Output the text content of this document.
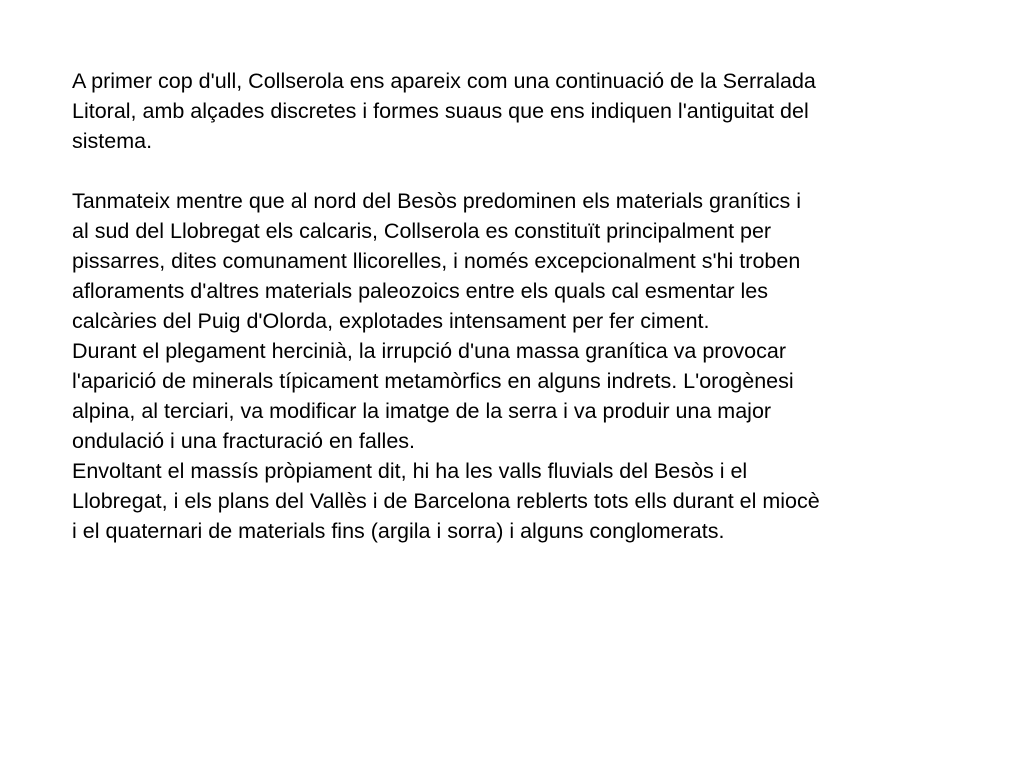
A primer cop d'ull, Collserola ens apareix com una continuació de la Serralada
Litoral, amb alçades discretes i formes suaus que ens indiquen l'antiguitat del
sistema.
Tanmateix mentre que al nord del Besòs predominen els materials granítics i
al sud del Llobregat els calcaris, Collserola es constituït principalment per
pissarres, dites comunament llicorelles, i només excepcionalment s'hi troben
afloraments d'altres materials paleozoics entre els quals cal esmentar les
calcàries del Puig d'Olorda, explotades intensament per fer ciment.
Durant el plegament hercinià, la irrupció d'una massa granítica va provocar
l'aparició de minerals típicament metamòrfics en alguns indrets. L'orogènesi
alpina, al terciari, va modificar la imatge de la serra i va produir una major
ondulació i una fracturació en falles.
Envoltant el massís pròpiament dit, hi ha les valls fluvials del Besòs i el
Llobregat, i els plans del Vallès i de Barcelona reblerts tots ells durant el miocè
i el quaternari de materials fins (argila i sorra) i alguns conglomerats.
